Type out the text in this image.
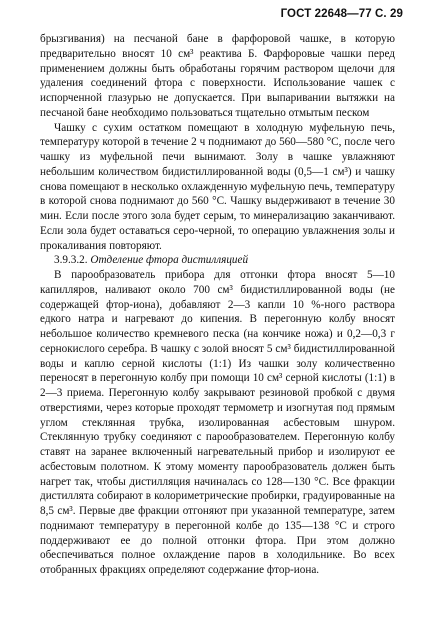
ГОСТ 22648—77 С. 29

брызгивания) на песчаной бане в фарфоровой чашке, в которую предварительно вносят 10 см³ реактива Б. Фарфоровые чашки перед применением должны быть обработаны горячим раствором щелочи для удаления соединений фтора с поверхности. Использование чашек с испорченной глазурью не допускается. При выпаривании вытяжки на песчаной бане необходимо пользоваться тщательно отмытым песком

Чашку с сухим остатком помещают в холодную муфельную печь, температуру которой в течение 2 ч поднимают до 560—580 °С, после чего чашку из муфельной печи вынимают. Золу в чашке увлажняют небольшим количеством бидистиллированной воды (0,5—1 см³) и чашку снова помещают в несколько охлажденную муфельную печь, температуру в которой снова поднимают до 560 °С. Чашку выдерживают в течение 30 мин. Если после этого зола будет серым, то минерализацию заканчивают. Если зола будет оставаться серо-черной, то операцию увлажнения золы и прокаливания повторяют.

3.9.3.2. Отделение фтора дистилляцией

В парообразователь прибора для отгонки фтора вносят 5—10 капилляров, наливают около 700 см³ бидистиллированной воды (не содержащей фтор-иона), добавляют 2—3 капли 10 %-ного раствора едкого натра и нагревают до кипения. В перегонную колбу вносят небольшое количество кремневого песка (на кончике ножа) и 0,2—0,3 г сернокислого серебра. В чашку с золой вносят 5 см³ бидистиллированной воды и каплю серной кислоты (1:1) Из чашки золу количественно переносят в перегонную колбу при помощи 10 см³ серной кислоты (1:1) в 2—3 приема. Перегонную колбу закрывают резиновой пробкой с двумя отверстиями, через которые проходят термометр и изогнутая под прямым углом стеклянная трубка, изолированная асбестовым шнуром. Стеклянную трубку соединяют с парообразователем. Перегонную колбу ставят на заранее включенный нагревательный прибор и изолируют ее асбестовым полотном. К этому моменту парообразователь должен быть нагрет так, чтобы дистилляция начиналась со 128—130 °С. Все фракции дистиллята собирают в колориметрические пробирки, градуированные на 8,5 см³. Первые две фракции отгоняют при указанной температуре, затем поднимают температуру в перегонной колбе до 135—138 °С и строго поддерживают ее до полной отгонки фтора. При этом должно обеспечиваться полное охлаждение паров в холодильнике. Во всех отобранных фракциях определяют содержание фтор-иона.
